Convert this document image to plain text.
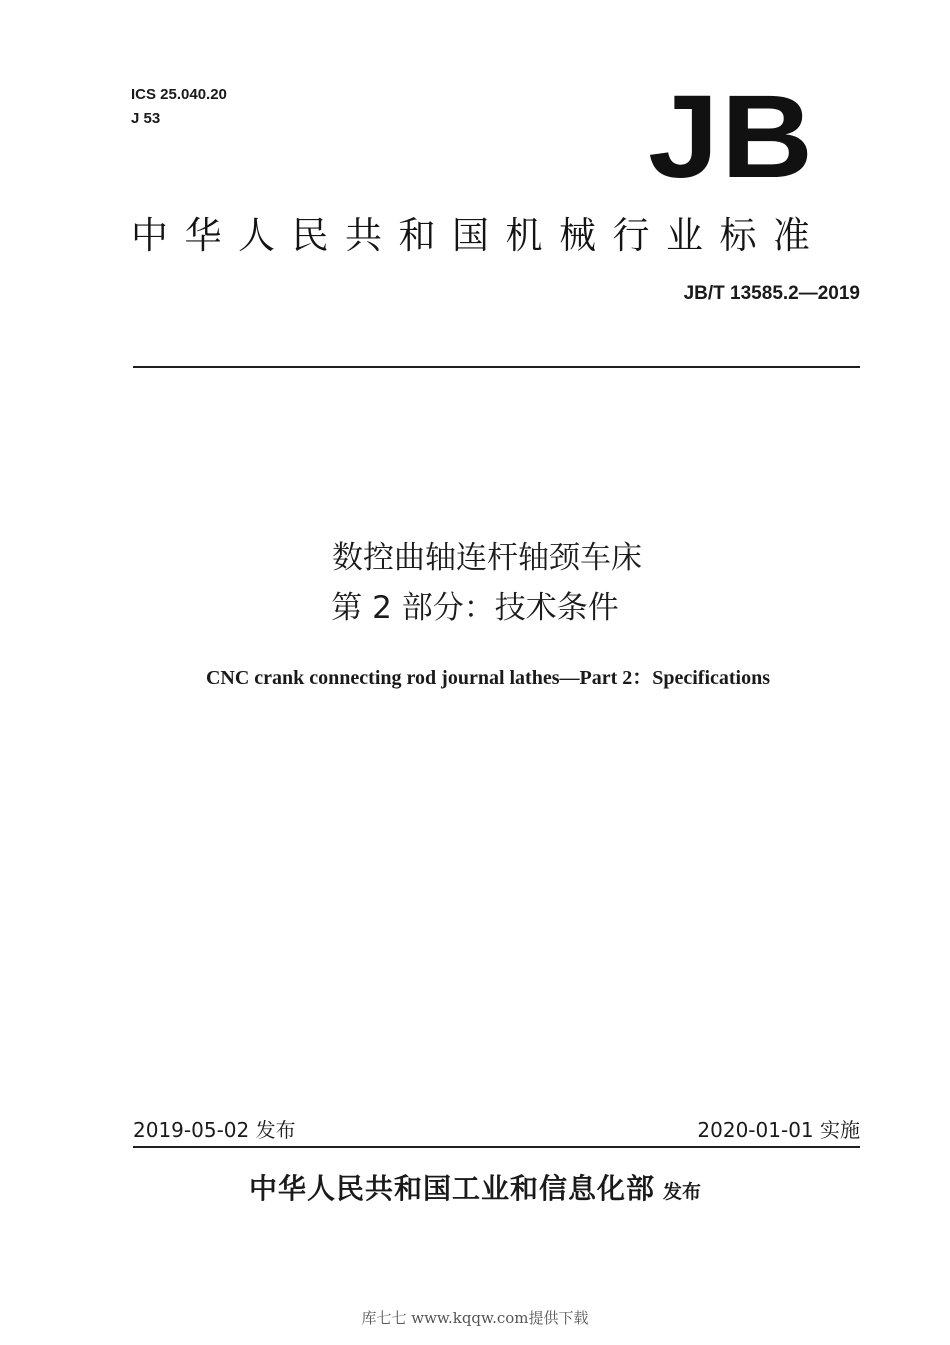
ICS 25.040.20
J 53	JB
中华人民共和国机械行业标准
JB/T 13585.2—2019
数控曲轴连杆轴颈车床
第 2 部分：技术条件
CNC crank connecting rod journal lathes—Part 2：Specifications
2019-05-02 发布	2020-01-01 实施
中华人民共和国工业和信息化部 发布
库七七 www.kqqw.com提供下载
